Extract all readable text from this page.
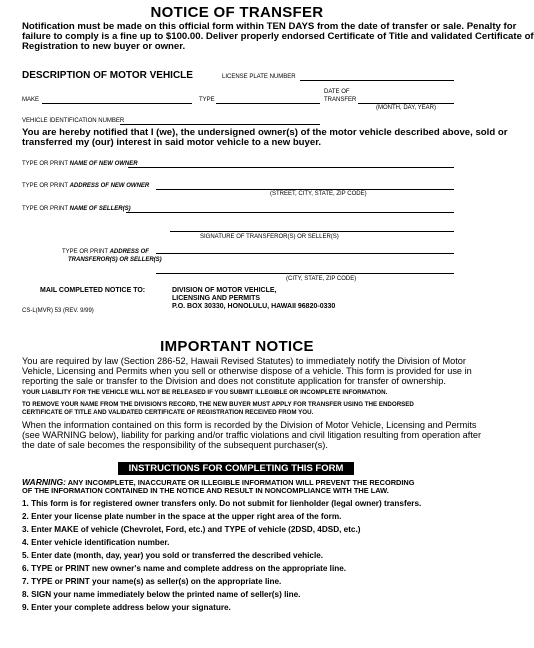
NOTICE OF TRANSFER
Notification must be made on this official form within TEN DAYS from the date of transfer or sale. Penalty for
failure to comply is a fine up to $100.00. Deliver properly endorsed Certificate of Title and validated Certificate of
Registration to new buyer or owner.
DESCRIPTION OF MOTOR VEHICLE	LICENSE PLATE NUMBER
MAKE	TYPE
DATE OF
TRANSFER
(MONTH, DAY, YEAR)
VEHICLE IDENTIFICATION NUMBER
You are hereby notified that I (we), the undersigned owner(s) of the motor vehicle described above, sold or
transferred my (our) interest in said motor vehicle to a new buyer.
TYPE OR PRINT NAME OF NEW OWNER
TYPE OR PRINT ADDRESS OF NEW OWNER
(STREET, CITY, STATE, ZIP CODE)
TYPE OR PRINT NAME OF SELLER(S)
SIGNATURE OF TRANSFEROR(S) OR SELLER(S)
TYPE OR PRINT ADDRESS OF
TRANSFEROR(S) OR SELLER(S)
(CITY, STATE, ZIP CODE)
MAIL COMPLETED NOTICE TO:	DIVISION OF MOTOR VEHICLE,
LICENSING AND PERMITS
P.O. BOX 30330, HONOLULU, HAWAII 96820-0330
CS-L(MVR) 53 (REV. 9/99)
IMPORTANT NOTICE
You are required by law (Section 286-52, Hawaii Revised Statutes) to immediately notify the Division of Motor
Vehicle, Licensing and Permits when you sell or otherwise dispose of a vehicle. This form is provided for use in
reporting the sale or transfer to the Division and does not constitute application for transfer of ownership.
YOUR LIABILITY FOR THE VEHICLE WILL NOT BE RELEASED IF YOU SUBMIT ILLEGIBLE OR INCOMPLETE INFORMATION.
TO REMOVE YOUR NAME FROM THE DIVISION'S RECORD, THE NEW BUYER MUST APPLY FOR TRANSFER USING THE ENDORSED
CERTIFICATE OF TITLE AND VALIDATED CERTIFICATE OF REGISTRATION RECEIVED FROM YOU.
When the information contained on this form is recorded by the Division of Motor Vehicle, Licensing and Permits
(see WARNING below), liability for parking and/or traffic violations and civil litigation resulting from operation after
the date of sale becomes the responsibility of the subsequent purchaser(s).
INSTRUCTIONS FOR COMPLETING THIS FORM
WARNING: ANY INCOMPLETE, INACCURATE OR ILLEGIBLE INFORMATION WILL PREVENT THE RECORDING
OF THE INFORMATION CONTAINED IN THE NOTICE AND RESULT IN NONCOMPLIANCE WITH THE LAW.
1. This form is for registered owner transfers only. Do not submit for lienholder (legal owner) transfers.
2. Enter your license plate number in the space at the upper right area of the form.
3. Enter MAKE of vehicle (Chevrolet, Ford, etc.) and TYPE of vehicle (2DSD, 4DSD, etc.)
4. Enter vehicle identification number.
5. Enter date (month, day, year) you sold or transferred the described vehicle.
6. TYPE or PRINT new owner's name and complete address on the appropriate line.
7. TYPE or PRINT your name(s) as seller(s) on the appropriate line.
8. SIGN your name immediately below the printed name of seller(s) line.
9. Enter your complete address below your signature.
